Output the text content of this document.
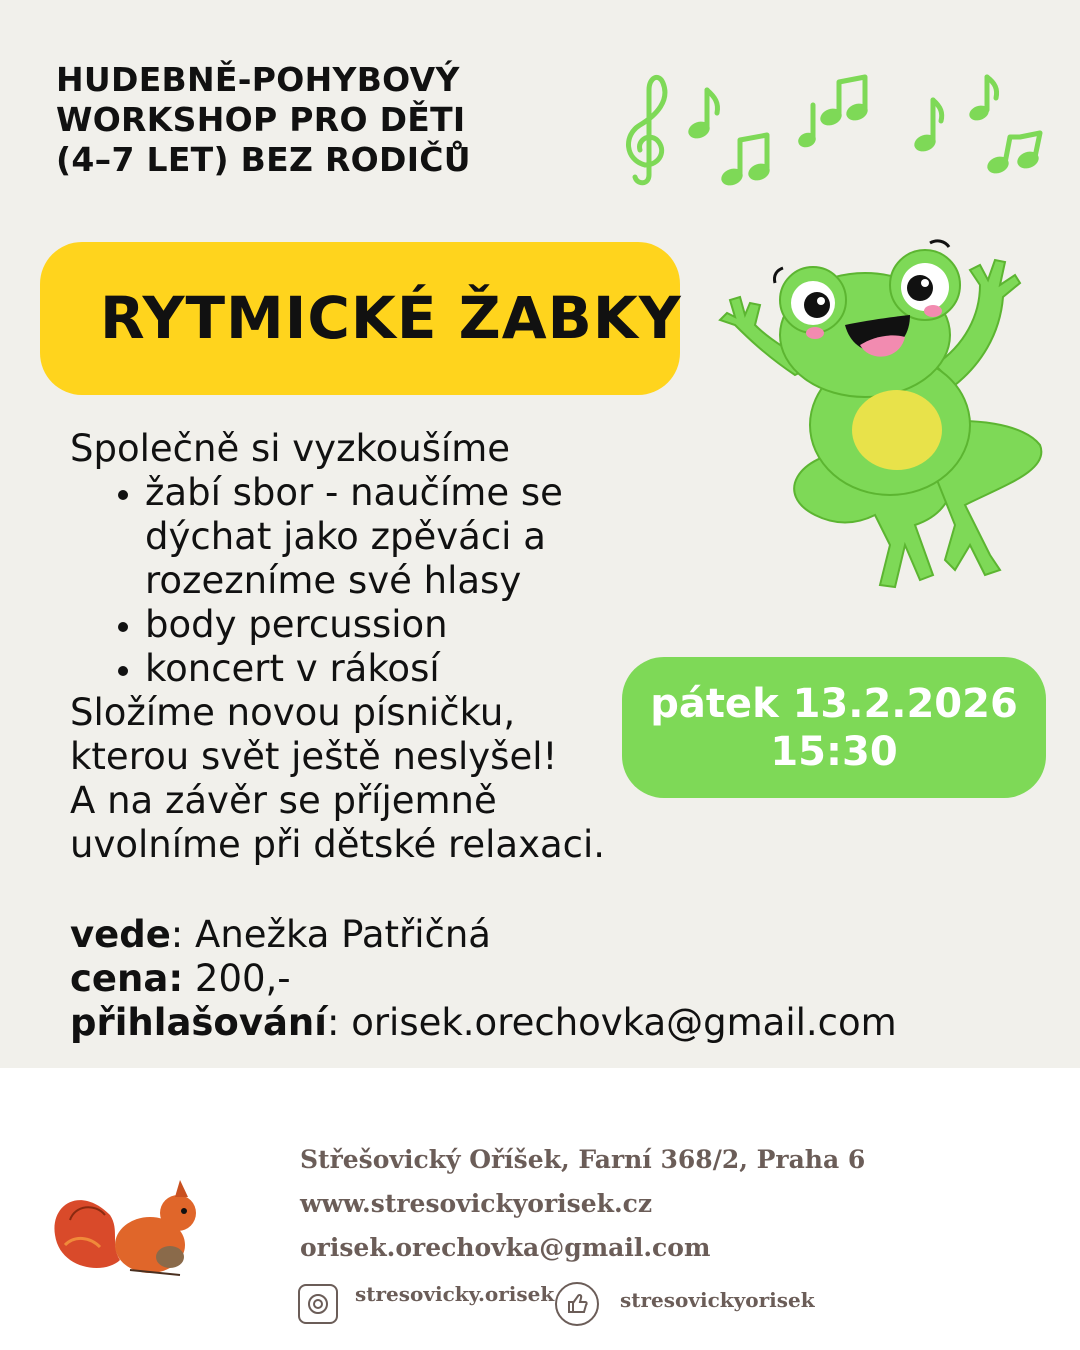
HUDEBNĚ-POHYBOVÝ
WORKSHOP PRO DĚTI
(4–7 LET) BEZ RODIČŮ
RYTMICKÉ ŽABKY
Společně si vyzkoušíme
• žabí sbor - naučíme se
dýchat jako zpěváci a
rozezníme své hlasy
• body percussion
• koncert v rákosí
Složíme novou písničku,
kterou svět ještě neslyšel!
A na závěr se příjemně
uvolníme při dětské relaxaci.
pátek 13.2.2026
15:30
vede: Anežka Patřičná
cena: 200,-
přihlašování: orisek.orechovka@gmail.com
Střešovický Oříšek, Farní 368/2, Praha 6
www.stresovickyorisek.cz
orisek.orechovka@gmail.com
stresovicky.orisek	stresovickyorisek
